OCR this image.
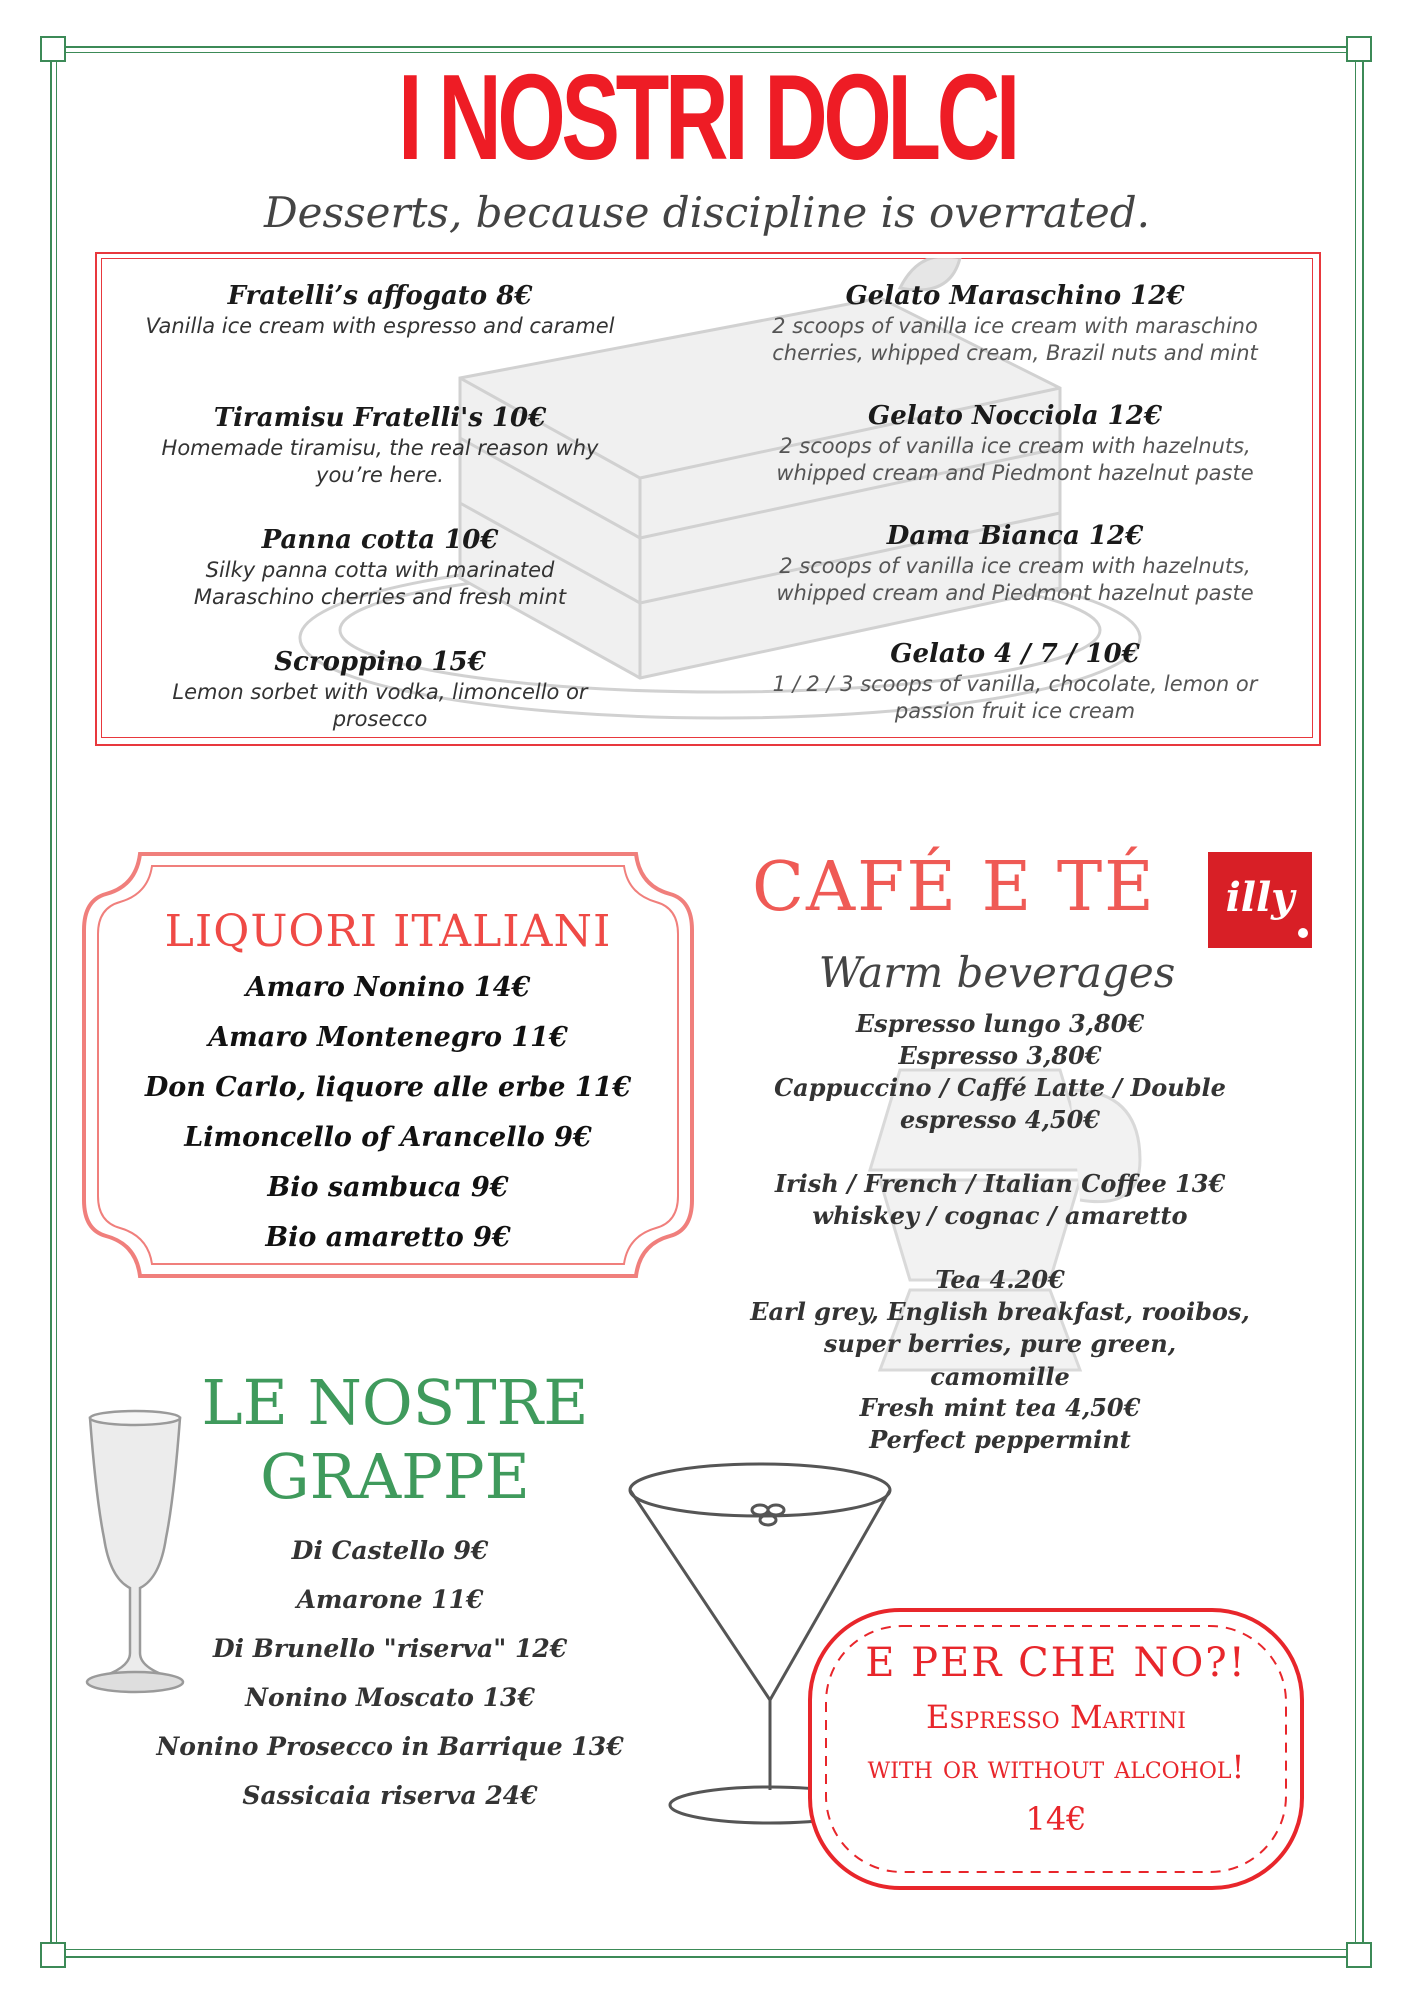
I NOSTRI DOLCI
Desserts, because discipline is overrated.
Fratelli’s affogato 8€
Vanilla ice cream with espresso and caramel
Tiramisu Fratelli's 10€
Homemade tiramisu, the real reason why
you’re here.
Panna cotta 10€
Silky panna cotta with marinated
Maraschino cherries and fresh mint
Scroppino 15€
Lemon sorbet with vodka, limoncello or
prosecco
Gelato Maraschino 12€
2 scoops of vanilla ice cream with maraschino
cherries, whipped cream, Brazil nuts and mint
Gelato Nocciola 12€
2 scoops of vanilla ice cream with hazelnuts,
whipped cream and Piedmont hazelnut paste
Dama Bianca 12€
2 scoops of vanilla ice cream with hazelnuts,
whipped cream and Piedmont hazelnut paste
Gelato 4 / 7 / 10€
1 / 2 / 3 scoops of vanilla, chocolate, lemon or
passion fruit ice cream
LIQUORI ITALIANI
Amaro Nonino 14€
Amaro Montenegro 11€
Don Carlo, liquore alle erbe 11€
Limoncello of Arancello 9€
Bio sambuca 9€
Bio amaretto 9€
CAFÉ E TÉ	illy
Warm beverages
Espresso lungo 3,80€
Espresso 3,80€
Cappuccino / Caffé Latte / Double
espresso 4,50€
Irish / French / Italian Coffee 13€
whiskey / cognac / amaretto
Tea 4.20€
Earl grey, English breakfast, rooibos,
super berries, pure green, camomille
Fresh mint tea 4,50€
Perfect peppermint
LE NOSTRE
GRAPPE
Di Castello 9€
Amarone 11€
Di Brunello "riserva" 12€
Nonino Moscato 13€
Nonino Prosecco in Barrique 13€
Sassicaia riserva 24€
E PER CHE NO?!
Espresso Martini
with or without alcohol!
14€
